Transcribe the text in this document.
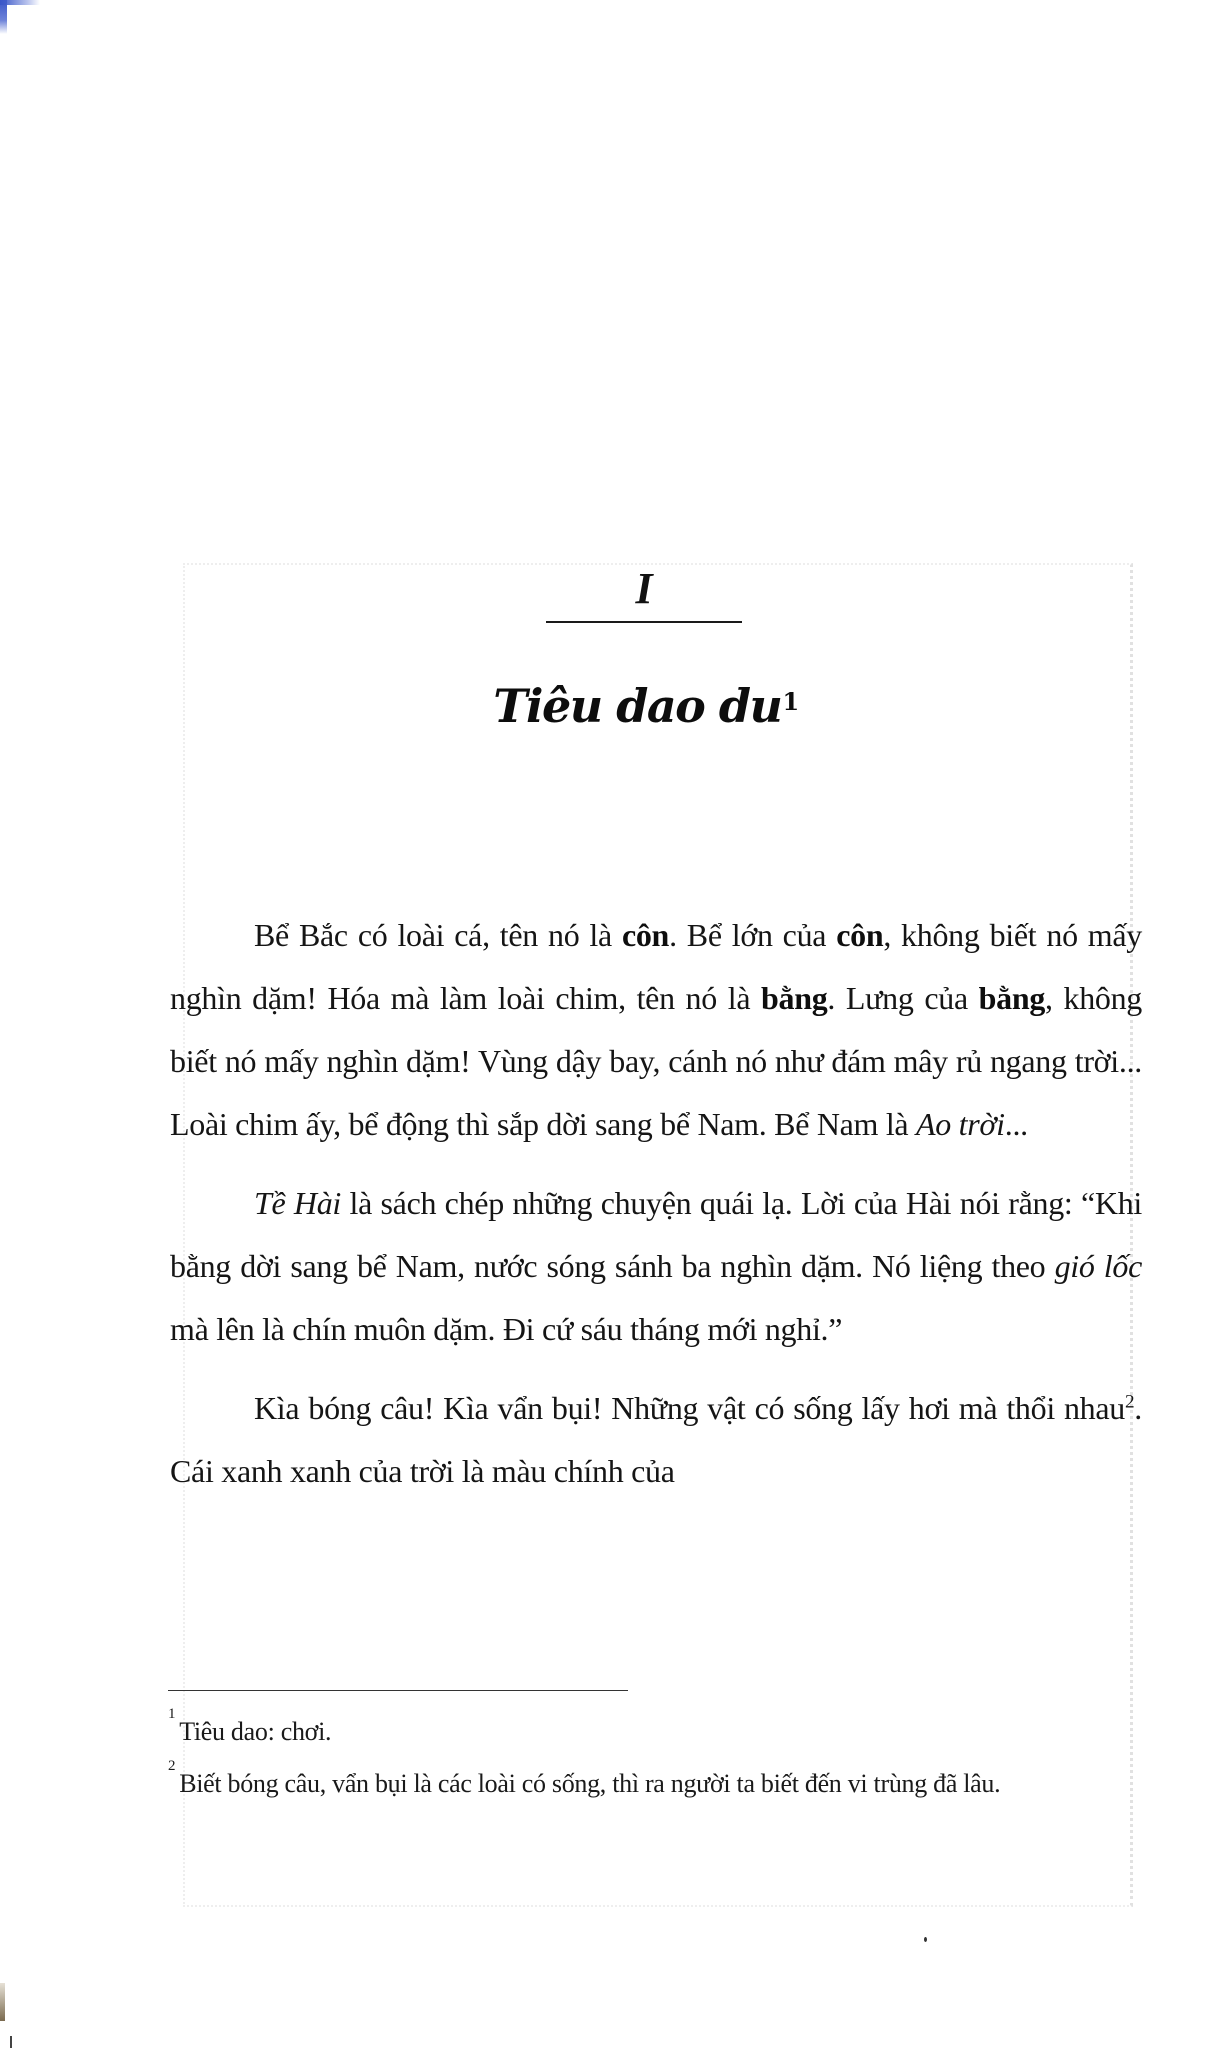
I
Tiêu dao $du^1$

Bể Bắc có loài cá, tên nó là côn. Bể lớn của côn, không biết nó mấy nghìn dặm! Hóa mà làm loài chim, tên nó là bằng. Lưng của bằng, không biết nó mấy nghìn dặm! Vùng dậy bay, cánh nó như đám mây rủ ngang trời... Loài chim ấy, bể động thì sắp dời sang bể Nam. Bể Nam là Ao trời...

Tề Hài là sách chép những chuyện quái lạ. Lời của Hài nói rằng: “Khi bằng dời sang bể Nam, nước sóng sánh ba nghìn dặm. Nó liệng theo gió lốc mà lên là chín muôn dặm. Đi cứ sáu tháng mới nghỉ.”

Kìa bóng câu! Kìa vẩn bụi! Những vật có sống lấy hơi mà thổi nhau$^2$. Cái xanh xanh của trời là màu chính của

$^1$Tiêu dao: chơi.

$^2$Biết bóng câu, vẩn bụi là các loài có sống, thì ra người ta biết đến vi trùng đã lâu.
